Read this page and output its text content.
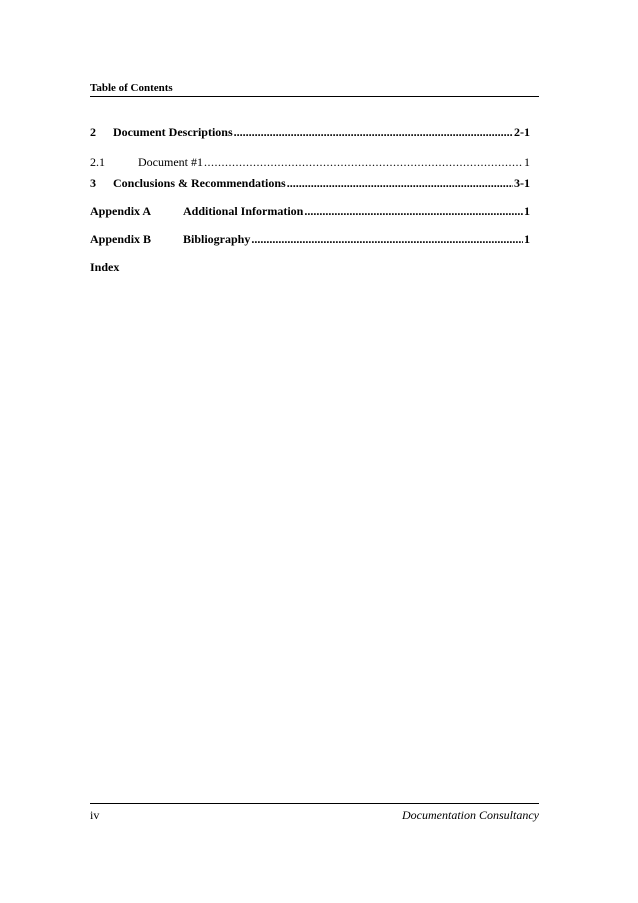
Table of Contents
2	Document Descriptions .....	2-1
2.1	Document #1 .....	1
3	Conclusions & Recommendations .....	3-1
Appendix A	Additional Information .....	1
Appendix B	Bibliography .....	1
Index
iv	Documentation Consultancy
